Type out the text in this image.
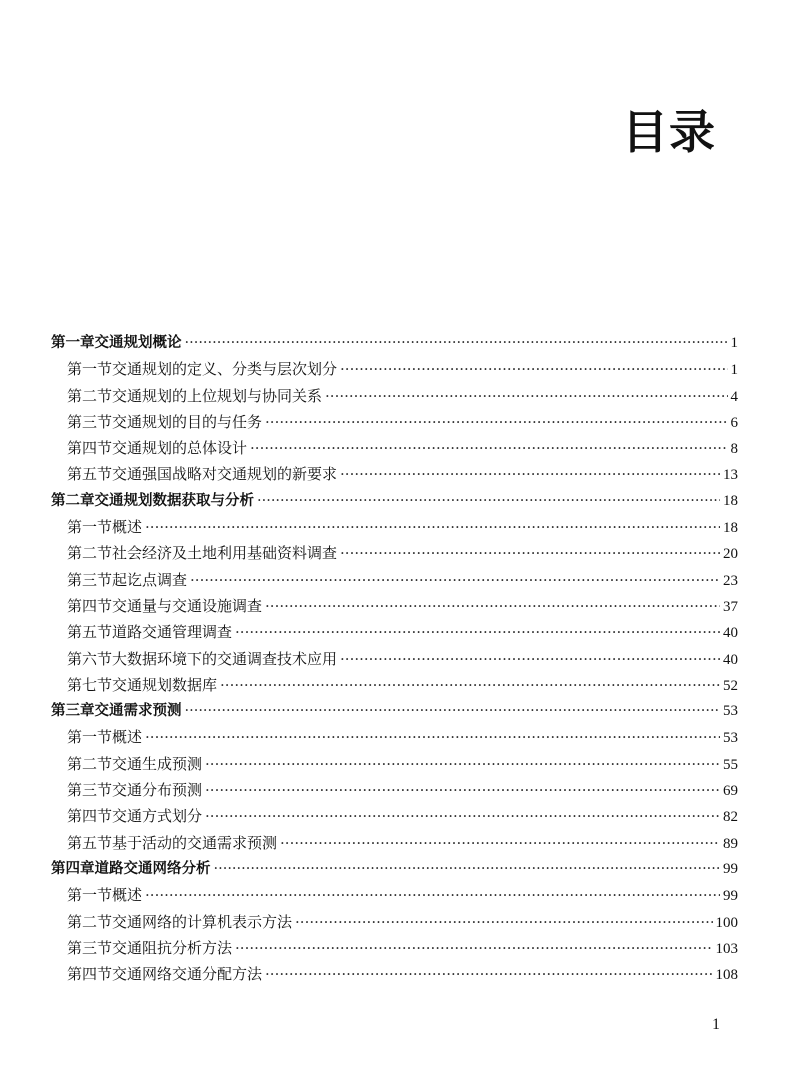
目录
第一章 交通规划概论 ·····	1
第一节 交通规划的定义、分类与层次划分 ·····	1
第二节 交通规划的上位规划与协同关系 ·····	4
第三节 交通规划的目的与任务 ·····	6
第四节 交通规划的总体设计 ·····	8
第五节 交通强国战略对交通规划的新要求 ·····	13
第二章 交通规划数据获取与分析 ·····	18
第一节 概述 ·····	18
第二节 社会经济及土地利用基础资料调查 ·····	20
第三节 起讫点调查 ·····	23
第四节 交通量与交通设施调查 ·····	37
第五节 道路交通管理调查 ·····	40
第六节 大数据环境下的交通调查技术应用 ·····	40
第七节 交通规划数据库 ·····	52
第三章 交通需求预测 ·····	53
第一节 概述 ·····	53
第二节 交通生成预测 ·····	55
第三节 交通分布预测 ·····	69
第四节 交通方式划分 ·····	82
第五节 基于活动的交通需求预测 ·····	89
第四章 道路交通网络分析 ·····	99
第一节 概述 ·····	99
第二节 交通网络的计算机表示方法 ·····	100
第三节 交通阻抗分析方法 ·····	103
第四节 交通网络交通分配方法 ·····	108
1
